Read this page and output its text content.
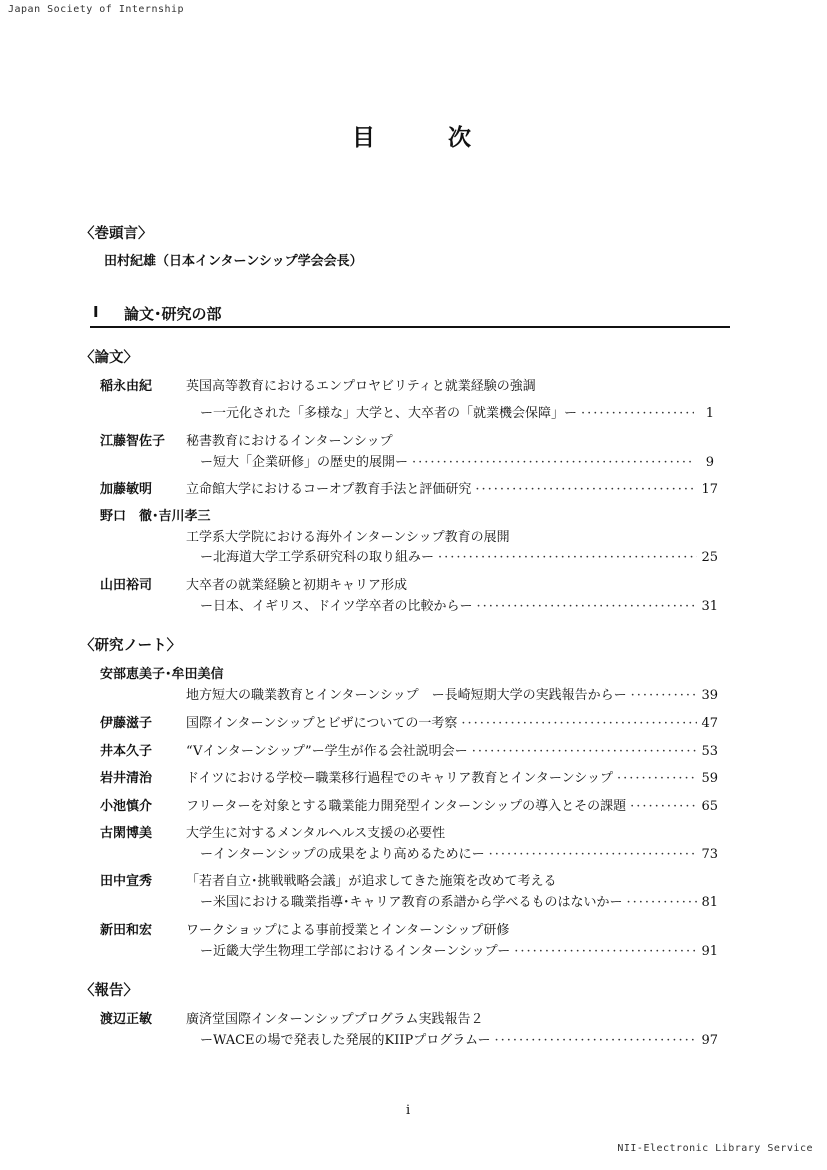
Japan Society of Internship
NII-Electronic Library Service
目	次
〈巻頭言〉
田村紀雄（日本インターンシップ学会会長）
I 論文･研究の部
〈論文〉
稲永由紀	英国高等教育におけるエンプロヤビリティと就業経験の強調
ー一元化された「多様な」大学と、大卒者の「就業機会保障」ー ·····	1
江藤智佐子 秘書教育におけるインターンシップ
ー短大「企業研修」の歴史的展開ー ·····	9
加藤敏明	立命館大学におけるコーオプ教育手法と評価研究 ·····	17
野口　徹･吉川孝三
工学系大学院における海外インターンシップ教育の展開
ー北海道大学工学系研究科の取り組みー ·····	25
山田裕司	大卒者の就業経験と初期キャリア形成
ー日本、イギリス、ドイツ学卒者の比較からー ·····	31
〈研究ノート〉
安部恵美子･牟田美信
地方短大の職業教育とインターンシップ　ー長崎短期大学の実践報告からー ·····	39
伊藤滋子	国際インターンシップとビザについての一考察 ·····	47
井本久子	“Vインターンシップ”ー学生が作る会社説明会ー ·····	53
岩井清治	ドイツにおける学校ー職業移行過程でのキャリア教育とインターンシップ ·····	59
小池慎介	フリーターを対象とする職業能力開発型インターンシップの導入とその課題 ·····	65
古閑博美	大学生に対するメンタルヘルス支援の必要性
ーインターンシップの成果をより高めるためにー ·····	73
田中宣秀	「若者自立･挑戦戦略会議」が追求してきた施策を改めて考える
ー米国における職業指導･キャリア教育の系譜から学べるものはないかー ·····	81
新田和宏	ワークショップによる事前授業とインターンシップ研修
ー近畿大学生物理工学部におけるインターンシップー ·····	91
〈報告〉
渡辺正敏	廣済堂国際インターンシッププログラム実践報告２
ーWACEの場で発表した発展的KIIPプログラムー ·····	97
i
